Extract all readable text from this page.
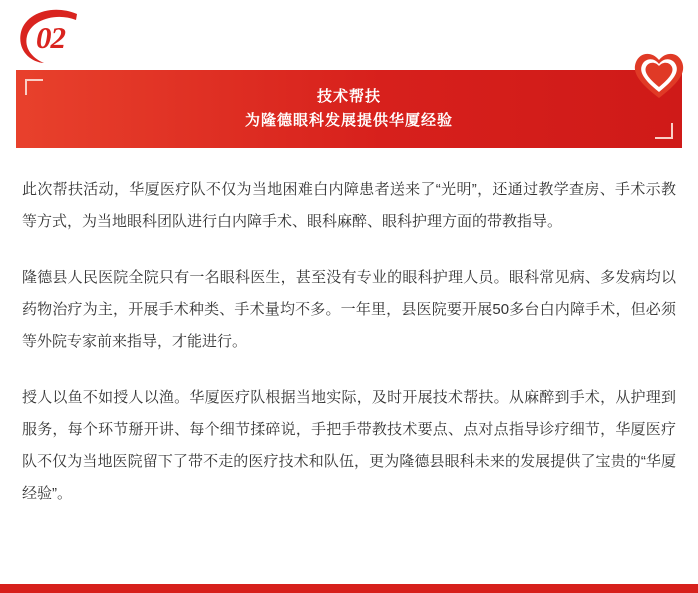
02
技术帮扶
为隆德眼科发展提供华厦经验

此次帮扶活动，华厦医疗队不仅为当地困难白内障患者送来了“光明”，还通过教学查房、手术示教等方式，为当地眼科团队进行白内障手术、眼科麻醉、眼科护理方面的带教指导。

隆德县人民医院全院只有一名眼科医生，甚至没有专业的眼科护理人员。眼科常见病、多发病均以药物治疗为主，开展手术种类、手术量均不多。一年里，县医院要开展50多台白内障手术，但必须等外院专家前来指导，才能进行。

授人以鱼不如授人以渔。华厦医疗队根据当地实际，及时开展技术帮扶。从麻醉到手术，从护理到服务，每个环节掰开讲、每个细节揉碎说，手把手带教技术要点、点对点指导诊疗细节，华厦医疗队不仅为当地医院留下了带不走的医疗技术和队伍，更为隆德县眼科未来的发展提供了宝贵的“华厦经验”。
